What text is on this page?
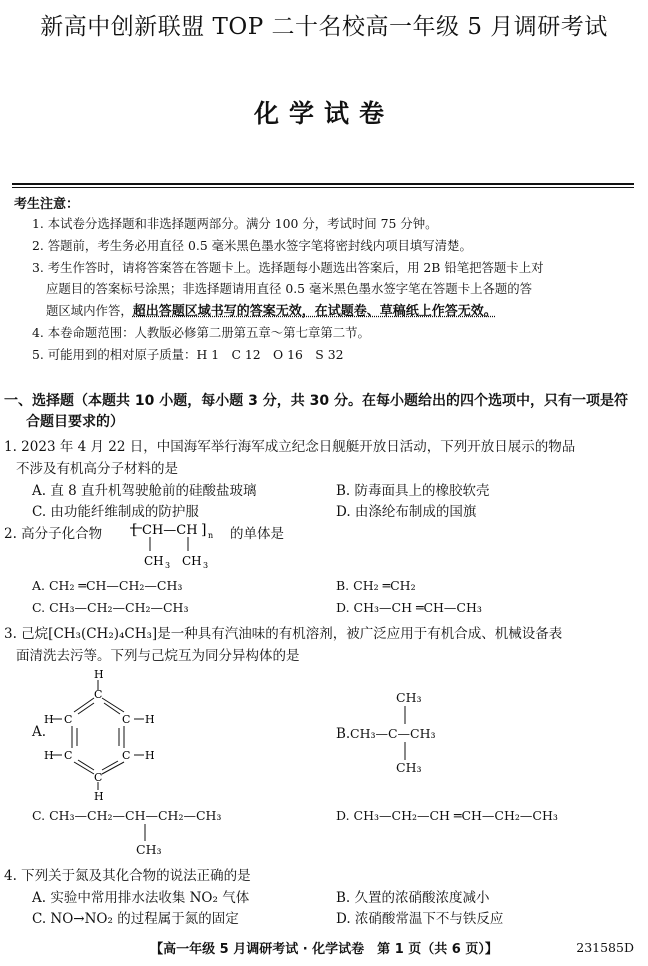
新高中创新联盟 TOP 二十名校高一年级 5 月调研考试
化学试卷
考生注意：
1. 本试卷分选择题和非选择题两部分。满分 100 分，考试时间 75 分钟。
2. 答题前，考生务必用直径 0.5 毫米黑色墨水签字笔将密封线内项目填写清楚。
3. 考生作答时，请将答案答在答题卡上。选择题每小题选出答案后，用 2B 铅笔把答题卡上对
应题目的答案标号涂黑；非选择题请用直径 0.5 毫米黑色墨水签字笔在答题卡上各题的答
题区域内作答，超出答题区域书写的答案无效，在试题卷、草稿纸上作答无效。
4. 本卷命题范围：人教版必修第二册第五章～第七章第二节。
5. 可能用到的相对原子质量：H 1　C 12　O 16　S 32
一、选择题（本题共 10 小题，每小题 3 分，共 30 分。在每小题给出的四个选项中，只有一项是符
合题目要求的）
1. 2023 年 4 月 22 日，中国海军举行海军成立纪念日舰艇开放日活动，下列开放日展示的物品
不涉及有机高分子材料的是
A. 直 8 直升机驾驶舱前的硅酸盐玻璃	B. 防毒面具上的橡胶软壳
C. 由功能纤维制成的防护服	D. 由涤纶布制成的国旗
2. 高分子化合物 [ CH—CH ] n
CH 3 CH 3
的单体是
A. CH₂ ═CH—CH₂—CH₃	B. CH₂ ═CH₂
C. CH₃—CH₂—CH₂—CH₃	D. CH₃—CH ═CH—CH₃
3. 己烷[CH₃(CH₂)₄CH₃]是一种具有汽油味的有机溶剂，被广泛应用于有机合成、机械设备表
面清洗去污等。下列与己烷互为同分异构体的是
A.
C
C
C
C
C
C
H
H
H
H
H
H
B.
CH₃
CH₃—C—CH₃
CH₃
C. CH₃—CH₂—CH—CH₂—CH₃
CH₃
D. CH₃—CH₂—CH ═CH—CH₂—CH₃
4. 下列关于氮及其化合物的说法正确的是
A. 实验中常用排水法收集 NO₂ 气体	B. 久置的浓硝酸浓度减小
C. NO→NO₂ 的过程属于氮的固定	D. 浓硝酸常温下不与铁反应
【高一年级 5 月调研考试 · 化学试卷　第 1 页（共 6 页）】	231585D
